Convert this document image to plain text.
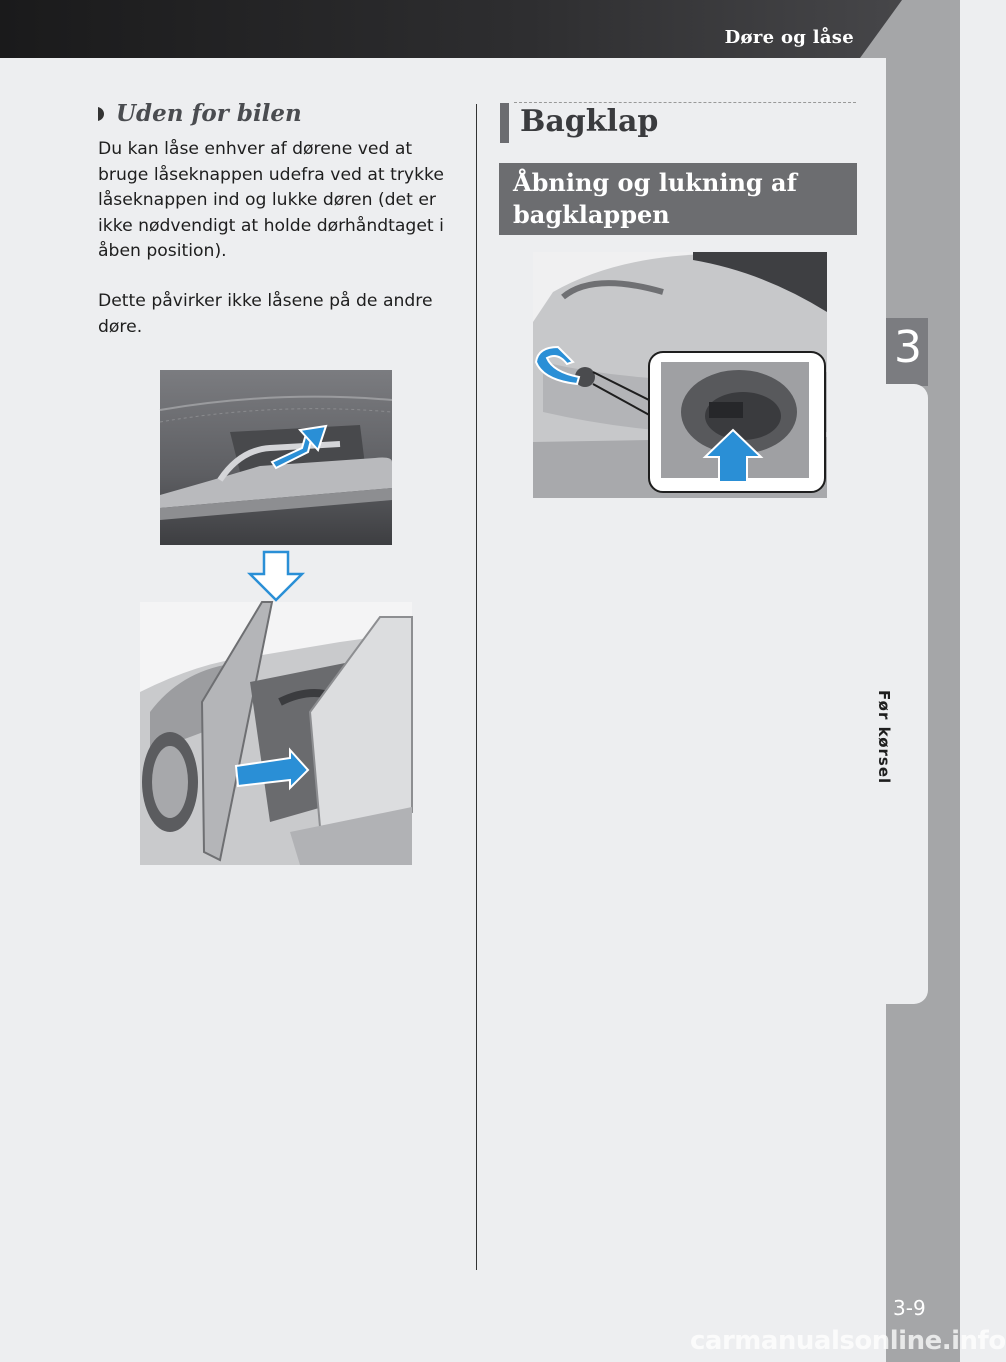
Døre og låse
3
Før kørsel
3-9
Uden for bilen

Du kan låse enhver af dørene ved at bruge låseknappen udefra ved at trykke låseknappen ind og lukke døren (det er ikke nødvendigt at holde dørhåndtaget i åben position).

Dette påvirker ikke låsene på de andre døre.

Bagklap
Åbning og lukning af bagklappen
carmanualsonline.info
